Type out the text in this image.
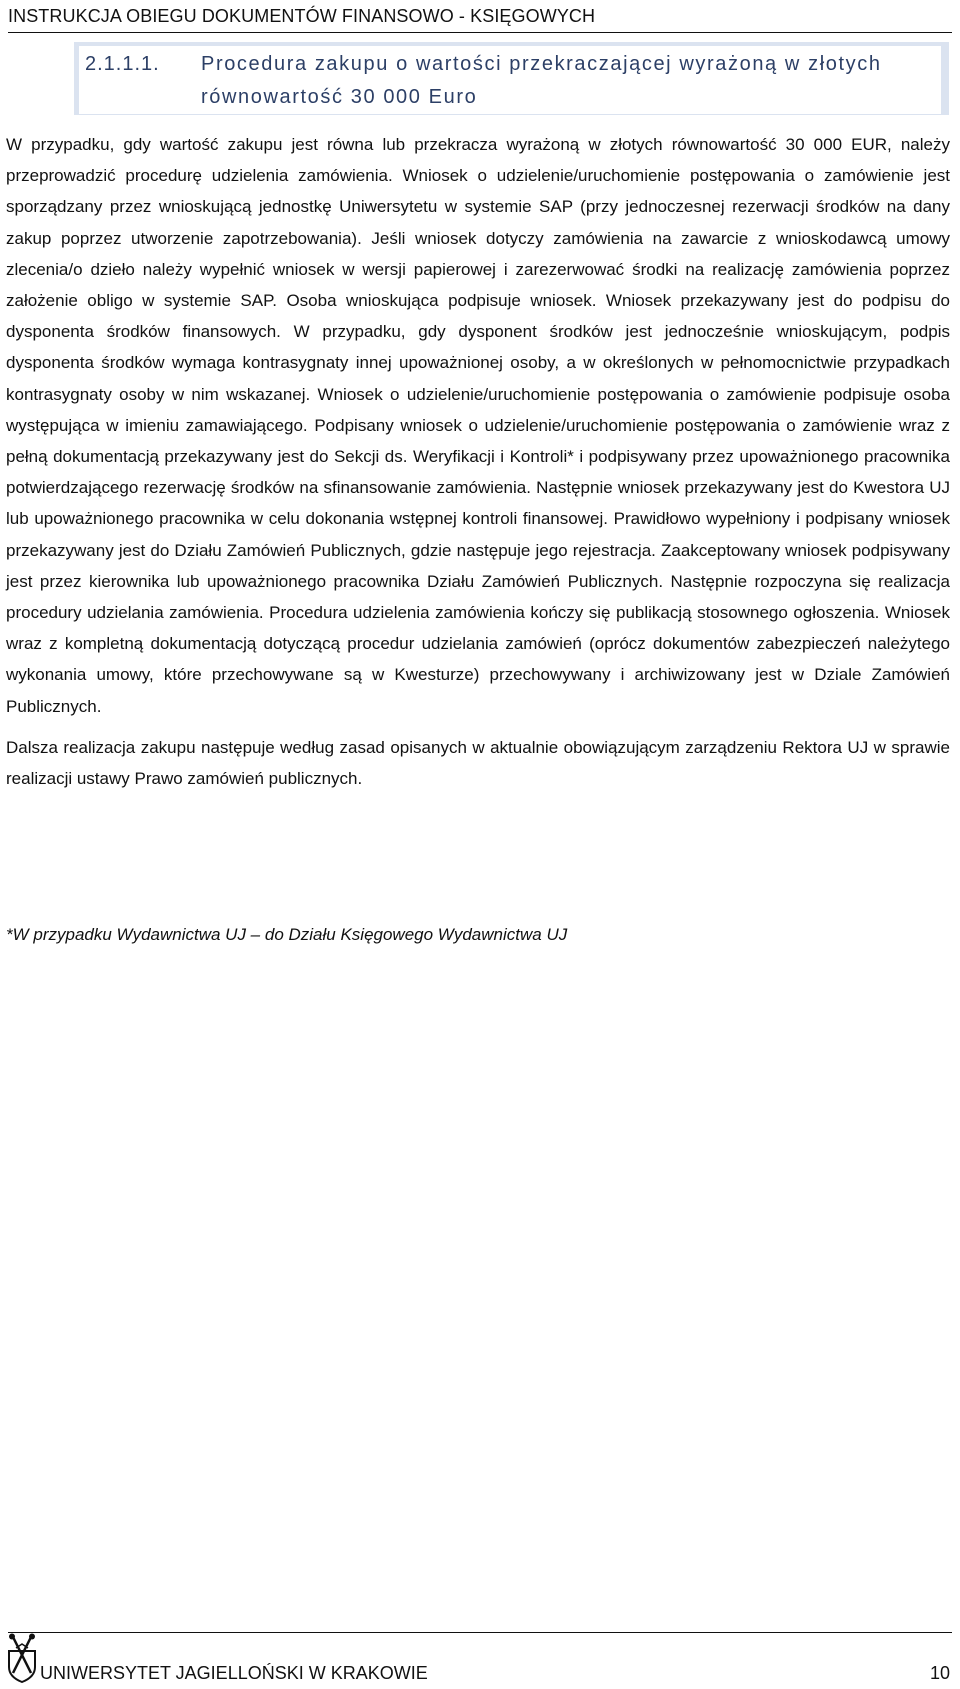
INSTRUKCJA OBIEGU DOKUMENTÓW FINANSOWO - KSIĘGOWYCH
2.1.1.1.	Procedura zakupu o wartości przekraczającej wyrażoną w złotych równowartość 30 000 Euro

W przypadku, gdy wartość zakupu jest równa lub przekracza wyrażoną w złotych równowartość 30 000 EUR, należy przeprowadzić procedurę udzielenia zamówienia. Wniosek o udzielenie/uruchomienie postępowania o zamówienie jest sporządzany przez wnioskującą jednostkę Uniwersytetu w systemie SAP (przy jednoczesnej rezerwacji środków na dany zakup poprzez utworzenie zapotrzebowania). Jeśli wniosek dotyczy zamówienia na zawarcie z wnioskodawcą umowy zlecenia/o dzieło należy wypełnić wniosek w wersji papierowej i zarezerwować środki na realizację zamówienia poprzez założenie obligo w systemie SAP. Osoba wnioskująca podpisuje wniosek. Wniosek przekazywany jest do podpisu do dysponenta środków finansowych. W przypadku, gdy dysponent środków jest jednocześnie wnioskującym, podpis dysponenta środków wymaga kontrasygnaty innej upoważnionej osoby, a w określonych w pełnomocnictwie przypadkach kontrasygnaty osoby w nim wskazanej. Wniosek o udzielenie/uruchomienie postępowania o zamówienie podpisuje osoba występująca w imieniu zamawiającego. Podpisany wniosek o udzielenie/uruchomienie postępowania o zamówienie wraz z pełną dokumentacją przekazywany jest do Sekcji ds. Weryfikacji i Kontroli* i podpisywany przez upoważnionego pracownika potwierdzającego rezerwację środków na sfinansowanie zamówienia. Następnie wniosek przekazywany jest do Kwestora UJ lub upoważnionego pracownika w celu dokonania wstępnej kontroli finansowej. Prawidłowo wypełniony i podpisany wniosek przekazywany jest do Działu Zamówień Publicznych, gdzie następuje jego rejestracja. Zaakceptowany wniosek podpisywany jest przez kierownika lub upoważnionego pracownika Działu Zamówień Publicznych. Następnie rozpoczyna się realizacja procedury udzielania zamówienia. Procedura udzielenia zamówienia kończy się publikacją stosownego ogłoszenia. Wniosek wraz z kompletną dokumentacją dotyczącą procedur udzielania zamówień (oprócz dokumentów zabezpieczeń należytego wykonania umowy, które przechowywane są w Kwesturze) przechowywany i archiwizowany jest w Dziale Zamówień Publicznych.

Dalsza realizacja zakupu następuje według zasad opisanych w aktualnie obowiązującym zarządzeniu Rektora UJ w sprawie realizacji ustawy Prawo zamówień publicznych.

*W przypadku Wydawnictwa UJ – do Działu Księgowego Wydawnictwa UJ
UNIWERSYTET JAGIELLOŃSKI W KRAKOWIE	10
